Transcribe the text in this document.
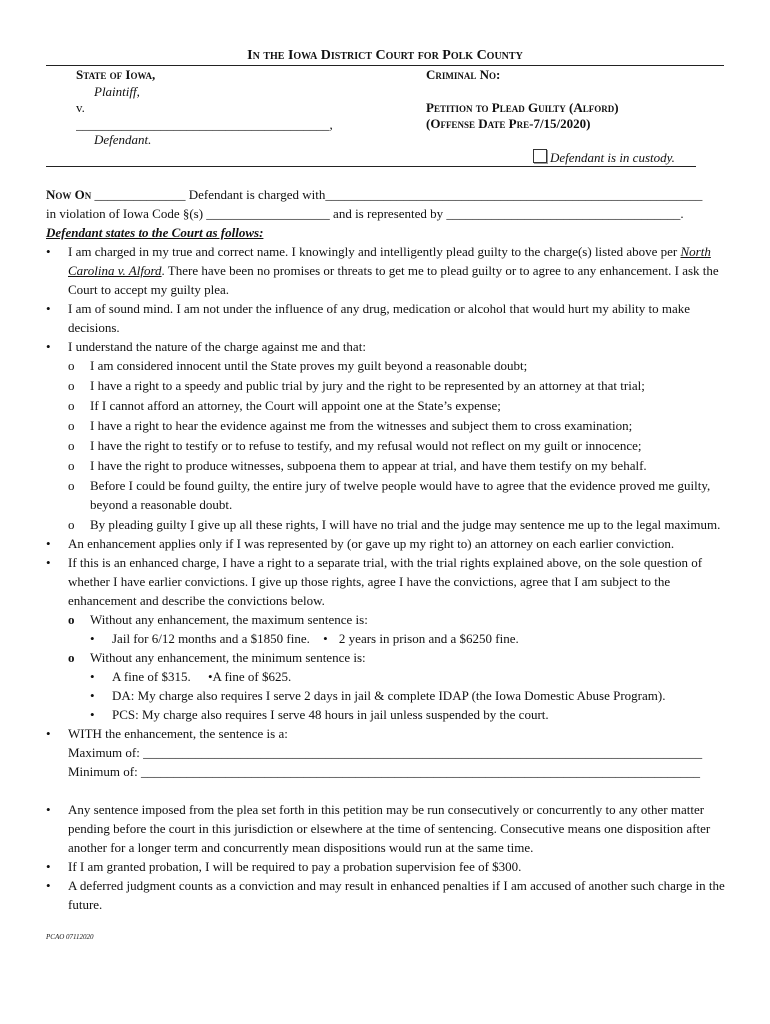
In the Iowa District Court for Polk County
State of Iowa,
Plaintiff,
v.
_______________________________________,
Defendant.
Criminal No:
Petition to Plead Guilty (Alford)
(Offense Date Pre-7/15/2020)
Defendant is in custody.
Now On ______________ Defendant is charged with__________________________________________________________
in violation of Iowa Code §(s) ___________________ and is represented by ____________________________________.
Defendant states to the Court as follows:
•	I am charged in my true and correct name. I knowingly and intelligently plead guilty to the charge(s) listed above per North Carolina v. Alford. There have been no promises or threats to get me to plead guilty or to agree to any enhancement. I ask the Court to accept my guilty plea.
•	I am of sound mind. I am not under the influence of any drug, medication or alcohol that would hurt my ability to make decisions.
•	I understand the nature of the charge against me and that:
o I am considered innocent until the State proves my guilt beyond a reasonable doubt;
o I have a right to a speedy and public trial by jury and the right to be represented by an attorney at that trial;
o If I cannot afford an attorney, the Court will appoint one at the State’s expense;
o I have a right to hear the evidence against me from the witnesses and subject them to cross examination;
o I have the right to testify or to refuse to testify, and my refusal would not reflect on my guilt or innocence;
o I have the right to produce witnesses, subpoena them to appear at trial, and have them testify on my behalf.
o Before I could be found guilty, the entire jury of twelve people would have to agree that the evidence proved me guilty, beyond a reasonable doubt.
o By pleading guilty I give up all these rights, I will have no trial and the judge may sentence me up to the legal maximum.
•	An enhancement applies only if I was represented by (or gave up my right to) an attorney on each earlier conviction.
•	If this is an enhanced charge, I have a right to a separate trial, with the trial rights explained above, on the sole question of whether I have earlier convictions. I give up those rights, agree I have the convictions, agree that I am subject to the enhancement and describe the convictions below.
o Without any enhancement, the maximum sentence is:
• Jail for 6/12 months and a $1850 fine. • 2 years in prison and a $6250 fine.
o Without any enhancement, the minimum sentence is:
• A fine of $315. •A fine of $625.
• DA: My charge also requires I serve 2 days in jail & complete IDAP (the Iowa Domestic Abuse Program).
• PCS: My charge also requires I serve 48 hours in jail unless suspended by the court.
•	WITH the enhancement, the sentence is a:
Maximum of: ______________________________________________________________________________________
Minimum of: ______________________________________________________________________________________
•	Any sentence imposed from the plea set forth in this petition may be run consecutively or concurrently to any other matter pending before the court in this jurisdiction or elsewhere at the time of sentencing. Consecutive means one disposition after another for a longer term and concurrently mean dispositions would run at the same time.
•	If I am granted probation, I will be required to pay a probation supervision fee of $300.
•	A deferred judgment counts as a conviction and may result in enhanced penalties if I am accused of another such charge in the future.
PCAO 07112020
